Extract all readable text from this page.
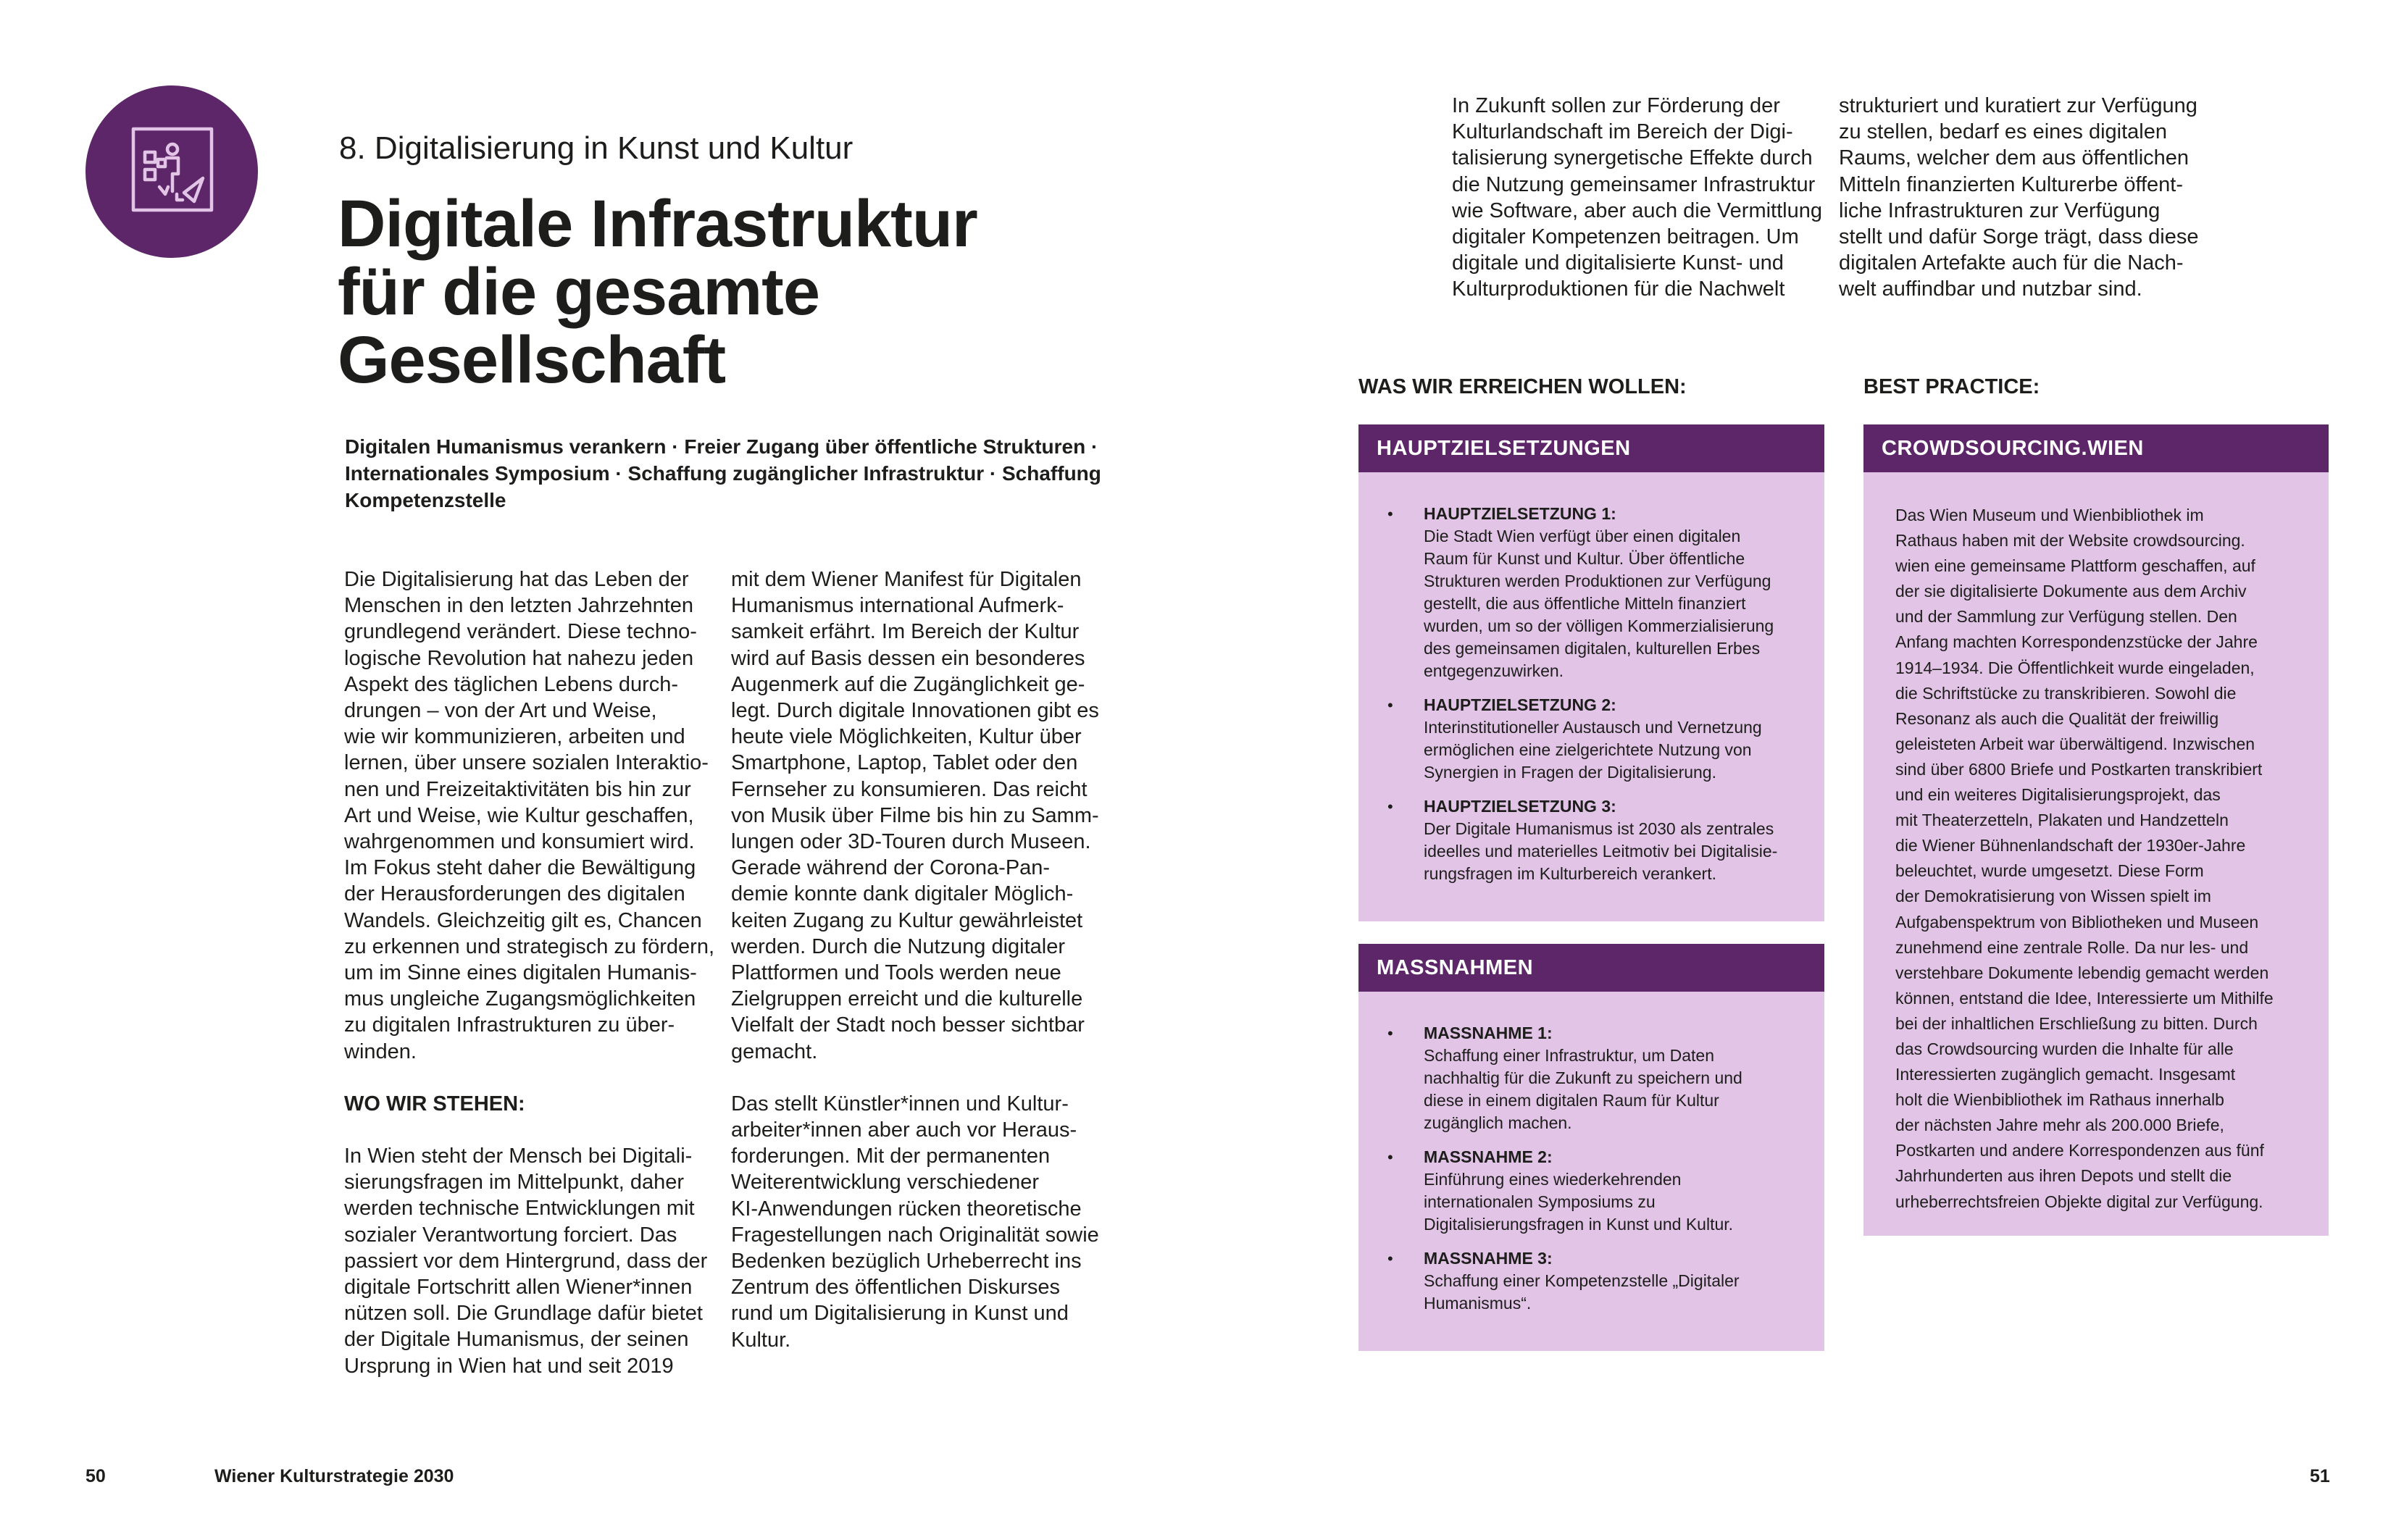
8. Digitalisierung in Kunst und Kultur
Digitale Infrastruktur
für die gesamte
Gesellschaft
Digitalen Humanismus verankern · Freier Zugang über öffentliche Strukturen · Internationales Symposium · Schaffung zugänglicher Infrastruktur · Schaffung Kompetenzstelle

Die Digitalisierung hat das Leben der
Menschen in den letzten Jahrzehnten
grundlegend verändert. Diese techno-
logische Revolution hat nahezu jeden
Aspekt des täglichen Lebens durch-
drungen – von der Art und Weise,
wie wir kommunizieren, arbeiten und
lernen, über unsere sozialen Interaktio-
nen und Freizeitaktivitäten bis hin zur
Art und Weise, wie Kultur geschaffen,
wahrgenommen und konsumiert wird.
Im Fokus steht daher die Bewältigung
der Herausforderungen des digitalen
Wandels. Gleichzeitig gilt es, Chancen
zu erkennen und strategisch zu fördern,
um im Sinne eines digitalen Humanis-
mus ungleiche Zugangsmöglichkeiten
zu digitalen Infrastrukturen zu über-
winden.

WO WIR STEHEN:

In Wien steht der Mensch bei Digitali-
sierungsfragen im Mittelpunkt, daher
werden technische Entwicklungen mit
sozialer Verantwortung forciert. Das
passiert vor dem Hintergrund, dass der
digitale Fortschritt allen Wiener*innen
nützen soll. Die Grundlage dafür bietet
der Digitale Humanismus, der seinen
Ursprung in Wien hat und seit 2019

mit dem Wiener Manifest für Digitalen
Humanismus international Aufmerk-
samkeit erfährt. Im Bereich der Kultur
wird auf Basis dessen ein besonderes
Augenmerk auf die Zugänglichkeit ge-
legt. Durch digitale Innovationen gibt es
heute viele Möglichkeiten, Kultur über
Smartphone, Laptop, Tablet oder den
Fernseher zu konsumieren. Das reicht
von Musik über Filme bis hin zu Samm-
lungen oder 3D-Touren durch Museen.
Gerade während der Corona-Pan-
demie konnte dank digitaler Möglich-
keiten Zugang zu Kultur gewährleistet
werden. Durch die Nutzung digitaler
Plattformen und Tools werden neue
Zielgruppen erreicht und die kulturelle
Vielfalt der Stadt noch besser sichtbar
gemacht.

Das stellt Künstler*innen und Kultur-
arbeiter*innen aber auch vor Heraus-
forderungen. Mit der permanenten
Weiterentwicklung verschiedener
KI-Anwendungen rücken theoretische
Fragestellungen nach Originalität sowie
Bedenken bezüglich Urheberrecht ins
Zentrum des öffentlichen Diskurses
rund um Digitalisierung in Kunst und
Kultur.

In Zukunft sollen zur Förderung der
Kulturlandschaft im Bereich der Digi-
talisierung synergetische Effekte durch
die Nutzung gemeinsamer Infrastruktur
wie Software, aber auch die Vermittlung
digitaler Kompetenzen beitragen. Um
digitale und digitalisierte Kunst- und
Kulturproduktionen für die Nachwelt

strukturiert und kuratiert zur Verfügung
zu stellen, bedarf es eines digitalen
Raums, welcher dem aus öffentlichen
Mitteln finanzierten Kulturerbe öffent-
liche Infrastrukturen zur Verfügung
stellt und dafür Sorge trägt, dass diese
digitalen Artefakte auch für die Nach-
welt auffindbar und nutzbar sind.

WAS WIR ERREICHEN WOLLEN:	BEST PRACTICE:
HAUPTZIELSETZUNGEN
• HAUPTZIELSETZUNG 1:
Die Stadt Wien verfügt über einen digitalen
Raum für Kunst und Kultur. Über öffentliche
Strukturen werden Produktionen zur Verfügung
gestellt, die aus öffentliche Mitteln finanziert
wurden, um so der völligen Kommerzialisierung
des gemeinsamen digitalen, kulturellen Erbes
entgegenzuwirken.
• HAUPTZIELSETZUNG 2:
Interinstitutioneller Austausch und Vernetzung
ermöglichen eine zielgerichtete Nutzung von
Synergien in Fragen der Digitalisierung.
• HAUPTZIELSETZUNG 3:
Der Digitale Humanismus ist 2030 als zentrales
ideelles und materielles Leitmotiv bei Digitalisie-
rungsfragen im Kulturbereich verankert.
MASSNAHMEN
• MASSNAHME 1:
Schaffung einer Infrastruktur, um Daten
nachhaltig für die Zukunft zu speichern und
diese in einem digitalen Raum für Kultur
zugänglich machen.
• MASSNAHME 2:
Einführung eines wiederkehrenden
internationalen Symposiums zu
Digitalisierungsfragen in Kunst und Kultur.
• MASSNAHME 3:
Schaffung einer Kompetenzstelle „Digitaler
Humanismus“.
CROWDSOURCING.WIEN
Das Wien Museum und Wienbibliothek im
Rathaus haben mit der Website crowdsourcing.
wien eine gemeinsame Plattform geschaffen, auf
der sie digitalisierte Dokumente aus dem Archiv
und der Sammlung zur Verfügung stellen. Den
Anfang machten Korrespondenzstücke der Jahre
1914–1934. Die Öffentlichkeit wurde eingeladen,
die Schriftstücke zu transkribieren. Sowohl die
Resonanz als auch die Qualität der freiwillig
geleisteten Arbeit war überwältigend. Inzwischen
sind über 6800 Briefe und Postkarten transkribiert
und ein weiteres Digitalisierungsprojekt, das
mit Theaterzetteln, Plakaten und Handzetteln
die Wiener Bühnenlandschaft der 1930er-Jahre
beleuchtet, wurde umgesetzt. Diese Form
der Demokratisierung von Wissen spielt im
Aufgabenspektrum von Bibliotheken und Museen
zunehmend eine zentrale Rolle. Da nur les- und
verstehbare Dokumente lebendig gemacht werden
können, entstand die Idee, Interessierte um Mithilfe
bei der inhaltlichen Erschließung zu bitten. Durch
das Crowdsourcing wurden die Inhalte für alle
Interessierten zugänglich gemacht. Insgesamt
holt die Wienbibliothek im Rathaus innerhalb
der nächsten Jahre mehr als 200.000 Briefe,
Postkarten und andere Korrespondenzen aus fünf
Jahrhunderten aus ihren Depots und stellt die
urheberrechtsfreien Objekte digital zur Verfügung.
50	Wiener Kulturstrategie 2030	51
